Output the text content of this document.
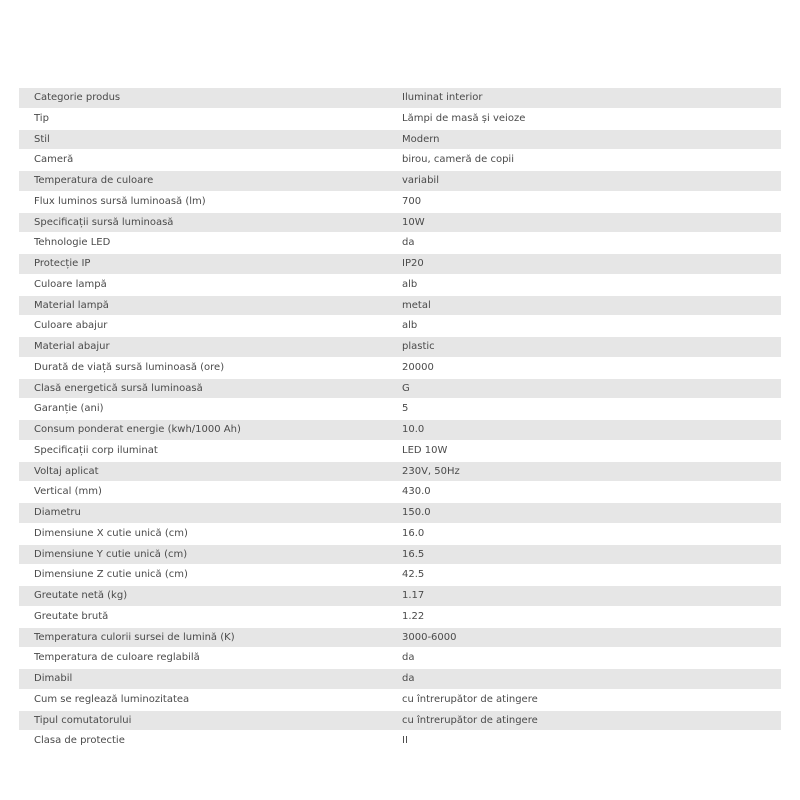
Categorie produs	Iluminat interior
Tip	Lămpi de masă și veioze
Stil	Modern
Cameră	birou, cameră de copii
Temperatura de culoare	variabil
Flux luminos sursă luminoasă (lm)	700
Specificații sursă luminoasă	10W
Tehnologie LED	da
Protecție IP	IP20
Culoare lampă	alb
Material lampă	metal
Culoare abajur	alb
Material abajur	plastic
Durată de viață sursă luminoasă (ore)	20000
Clasă energetică sursă luminoasă	G
Garanție (ani)	5
Consum ponderat energie (kwh/1000 Ah)	10.0
Specificații corp iluminat	LED 10W
Voltaj aplicat	230V, 50Hz
Vertical (mm)	430.0
Diametru	150.0
Dimensiune X cutie unică (cm)	16.0
Dimensiune Y cutie unică (cm)	16.5
Dimensiune Z cutie unică (cm)	42.5
Greutate netă (kg)	1.17
Greutate brută	1.22
Temperatura culorii sursei de lumină (K)	3000-6000
Temperatura de culoare reglabilă	da
Dimabil	da
Cum se reglează luminozitatea	cu întrerupător de atingere
Tipul comutatorului	cu întrerupător de atingere
Clasa de protectie	II
